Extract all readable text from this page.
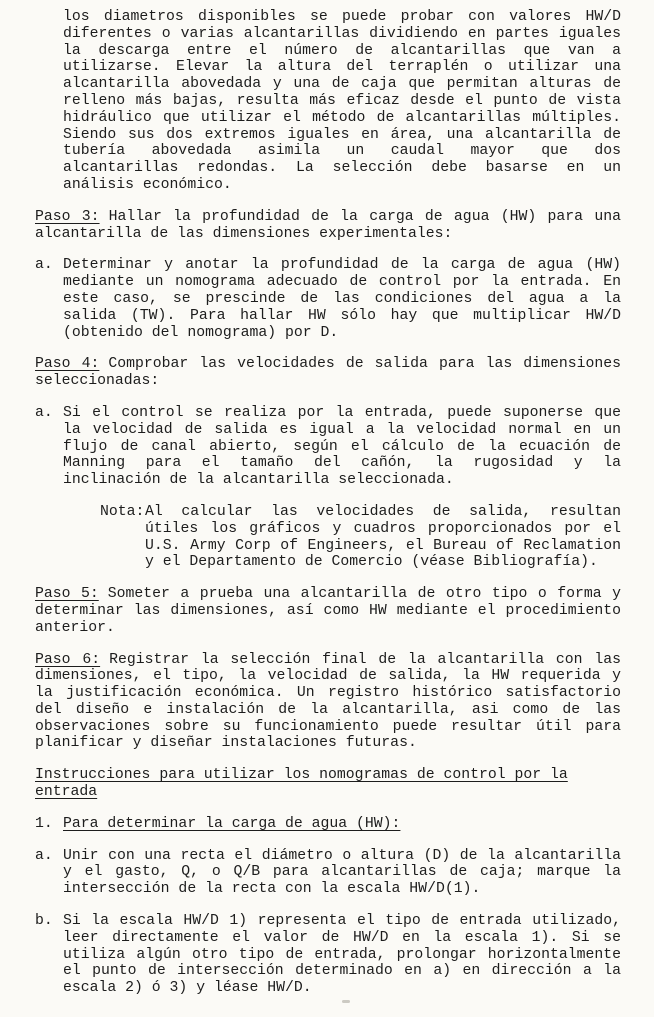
los diametros disponibles se puede probar con valores HW/D diferentes o varias alcantarillas dividiendo en partes iguales la descarga entre el número de alcantarillas que van a utilizarse. Elevar la altura del terraplén o utilizar una alcantarilla abovedada y una de caja que permitan alturas de relleno más bajas, resulta más eficaz desde el punto de vista hidráulico que utilizar el método de alcantarillas múltiples. Siendo sus dos extremos iguales en área, una alcantarilla de tubería abovedada asimila un caudal mayor que dos alcantarillas redondas. La selección debe basarse en un análisis económico.

Paso 3: Hallar la profundidad de la carga de agua (HW) para una alcantarilla de las dimensiones experimentales:

a. Determinar y anotar la profundidad de la carga de agua (HW) mediante un nomograma adecuado de control por la entrada. En este caso, se prescinde de las condiciones del agua a la salida (TW). Para hallar HW sólo hay que multiplicar HW/D (obtenido del nomograma) por D.

Paso 4: Comprobar las velocidades de salida para las dimensiones seleccionadas:

a. Si el control se realiza por la entrada, puede suponerse que la velocidad de salida es igual a la velocidad normal en un flujo de canal abierto, según el cálculo de la ecuación de Manning para el tamaño del cañón, la rugosidad y la inclinación de la alcantarilla seleccionada.
Nota: Al calcular las velocidades de salida, resultan útiles los gráficos y cuadros proporcionados por el U.S. Army Corp of Engineers, el Bureau of Reclamation y el Departamento de Comercio (véase Bibliografía).

Paso 5: Someter a prueba una alcantarilla de otro tipo o forma y determinar las dimensiones, así como HW mediante el procedimiento anterior.

Paso 6: Registrar la selección final de la alcantarilla con las dimensiones, el tipo, la velocidad de salida, la HW requerida y la justificación económica. Un registro histórico satisfactorio del diseño e instalación de la alcantarilla, asi como de las observaciones sobre su funcionamiento puede resultar útil para planificar y diseñar instalaciones futuras.

Instrucciones para utilizar los nomogramas de control por la entrada

1. Para determinar la carga de agua (HW):
a. Unir con una recta el diámetro o altura (D) de la alcantarilla y el gasto, Q, o Q/B para alcantarillas de caja; marque la intersección de la recta con la escala HW/D(1).
b. Si la escala HW/D 1) representa el tipo de entrada utilizado, leer directamente el valor de HW/D en la escala 1). Si se utiliza algún otro tipo de entrada, prolongar horizontalmente el punto de intersección determinado en a) en dirección a la escala 2) ó 3) y léase HW/D.
